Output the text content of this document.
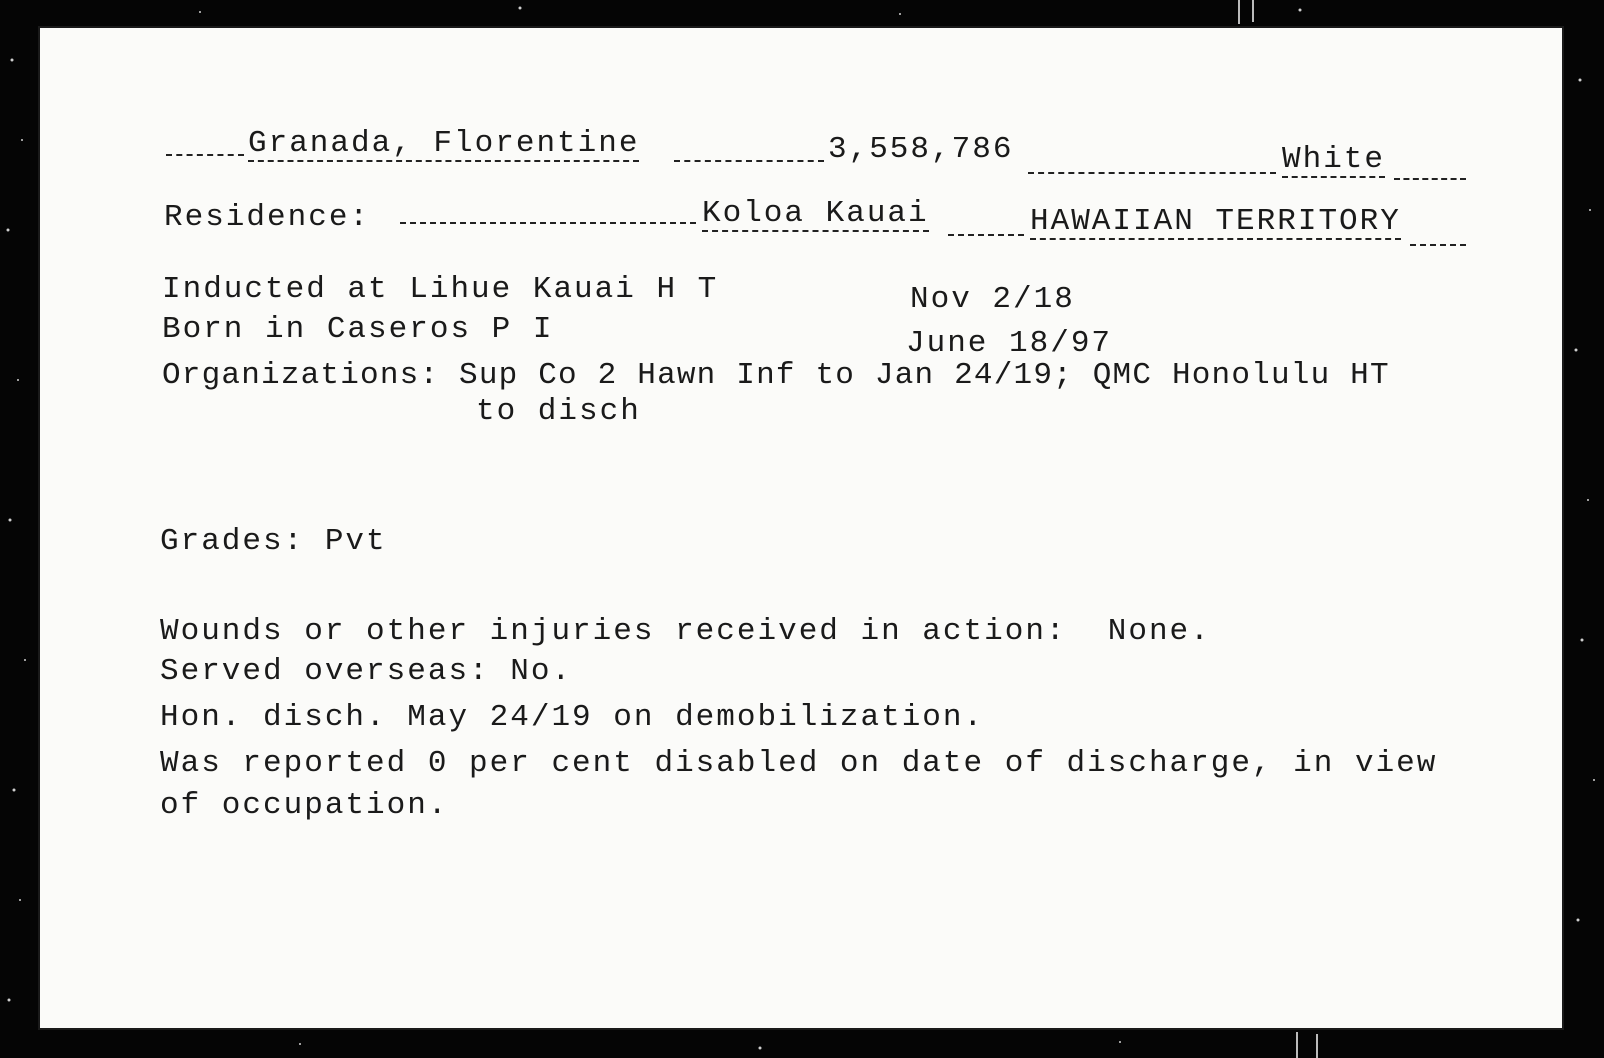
Granada, Florentine	3,558,786	White
Residence:	Koloa Kauai	HAWAIIAN TERRITORY
Inducted at Lihue Kauai H T	Nov 2/18
Born in Caseros P I	June 18/97
Organizations: Sup Co 2 Hawn Inf to Jan 24/19; QMC Honolulu HT
to disch
Grades: Pvt
Wounds or other injuries received in action:  None.
Served overseas: No.
Hon. disch. May 24/19 on demobilization.
Was reported 0 per cent disabled on date of discharge, in view
of occupation.
